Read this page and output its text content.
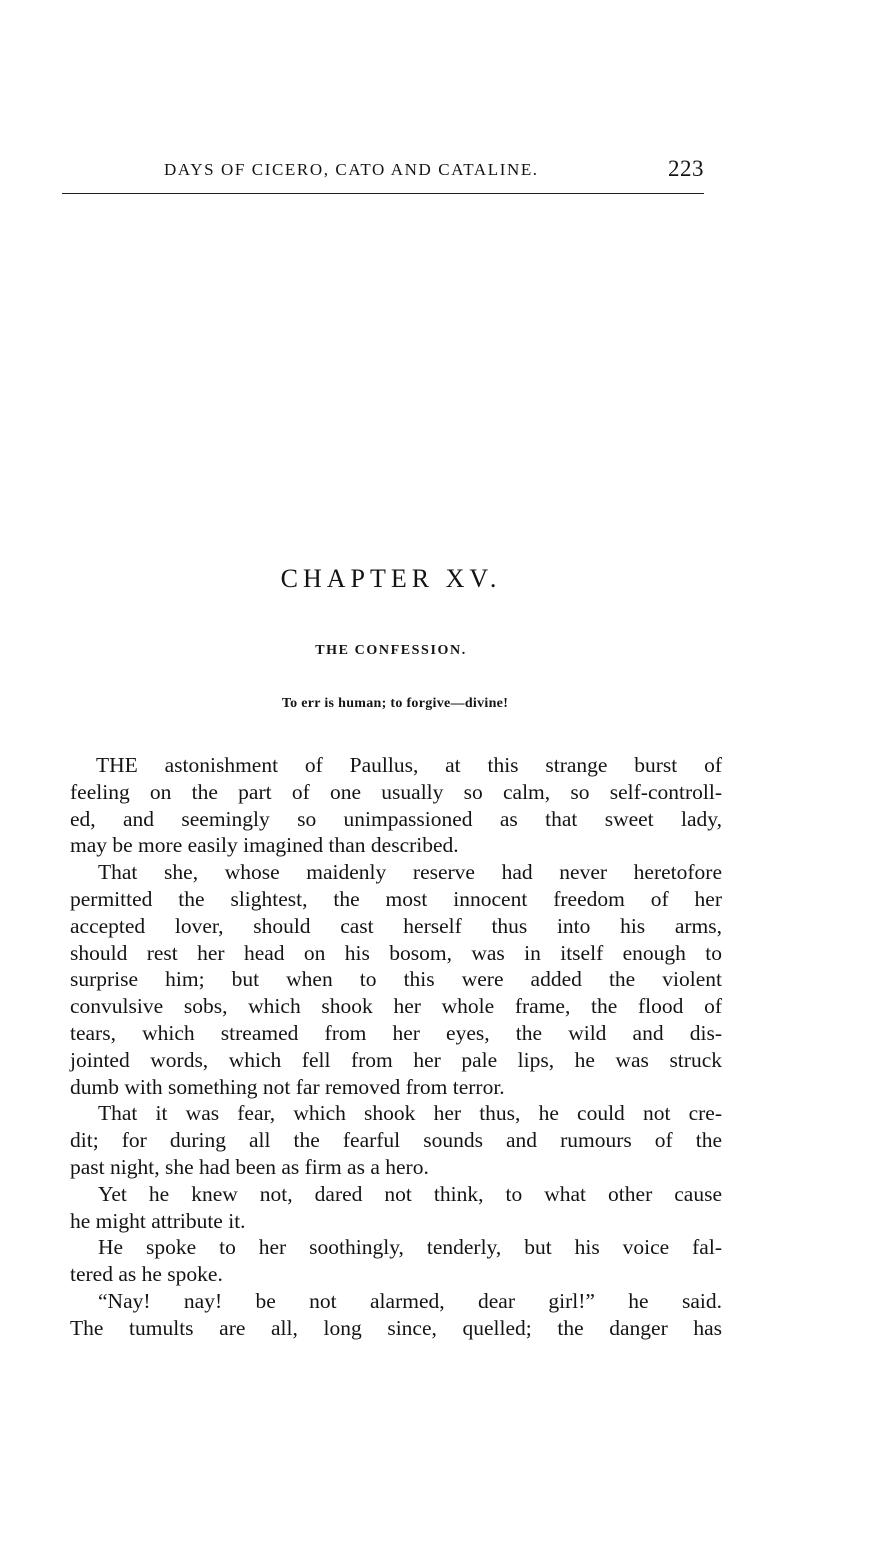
DAYS OF CICERO, CATO AND CATALINE.	223
CHAPTER XV.
THE CONFESSION.
To err is human; to forgive—divine!
THE astonishment of Paullus, at this strange burst of
feeling on the part of one usually so calm, so self-controll-
ed, and seemingly so unimpassioned as that sweet lady,
may be more easily imagined than described.
That she, whose maidenly reserve had never heretofore
permitted the slightest, the most innocent freedom of her
accepted lover, should cast herself thus into his arms,
should rest her head on his bosom, was in itself enough to
surprise him; but when to this were added the violent
convulsive sobs, which shook her whole frame, the flood of
tears, which streamed from her eyes, the wild and dis-
jointed words, which fell from her pale lips, he was struck
dumb with something not far removed from terror.
That it was fear, which shook her thus, he could not cre-
dit; for during all the fearful sounds and rumours of the
past night, she had been as firm as a hero.
Yet he knew not, dared not think, to what other cause
he might attribute it.
He spoke to her soothingly, tenderly, but his voice fal-
tered as he spoke.
“Nay! nay! be not alarmed, dear girl!” he said.
The tumults are all, long since, quelled; the danger has
